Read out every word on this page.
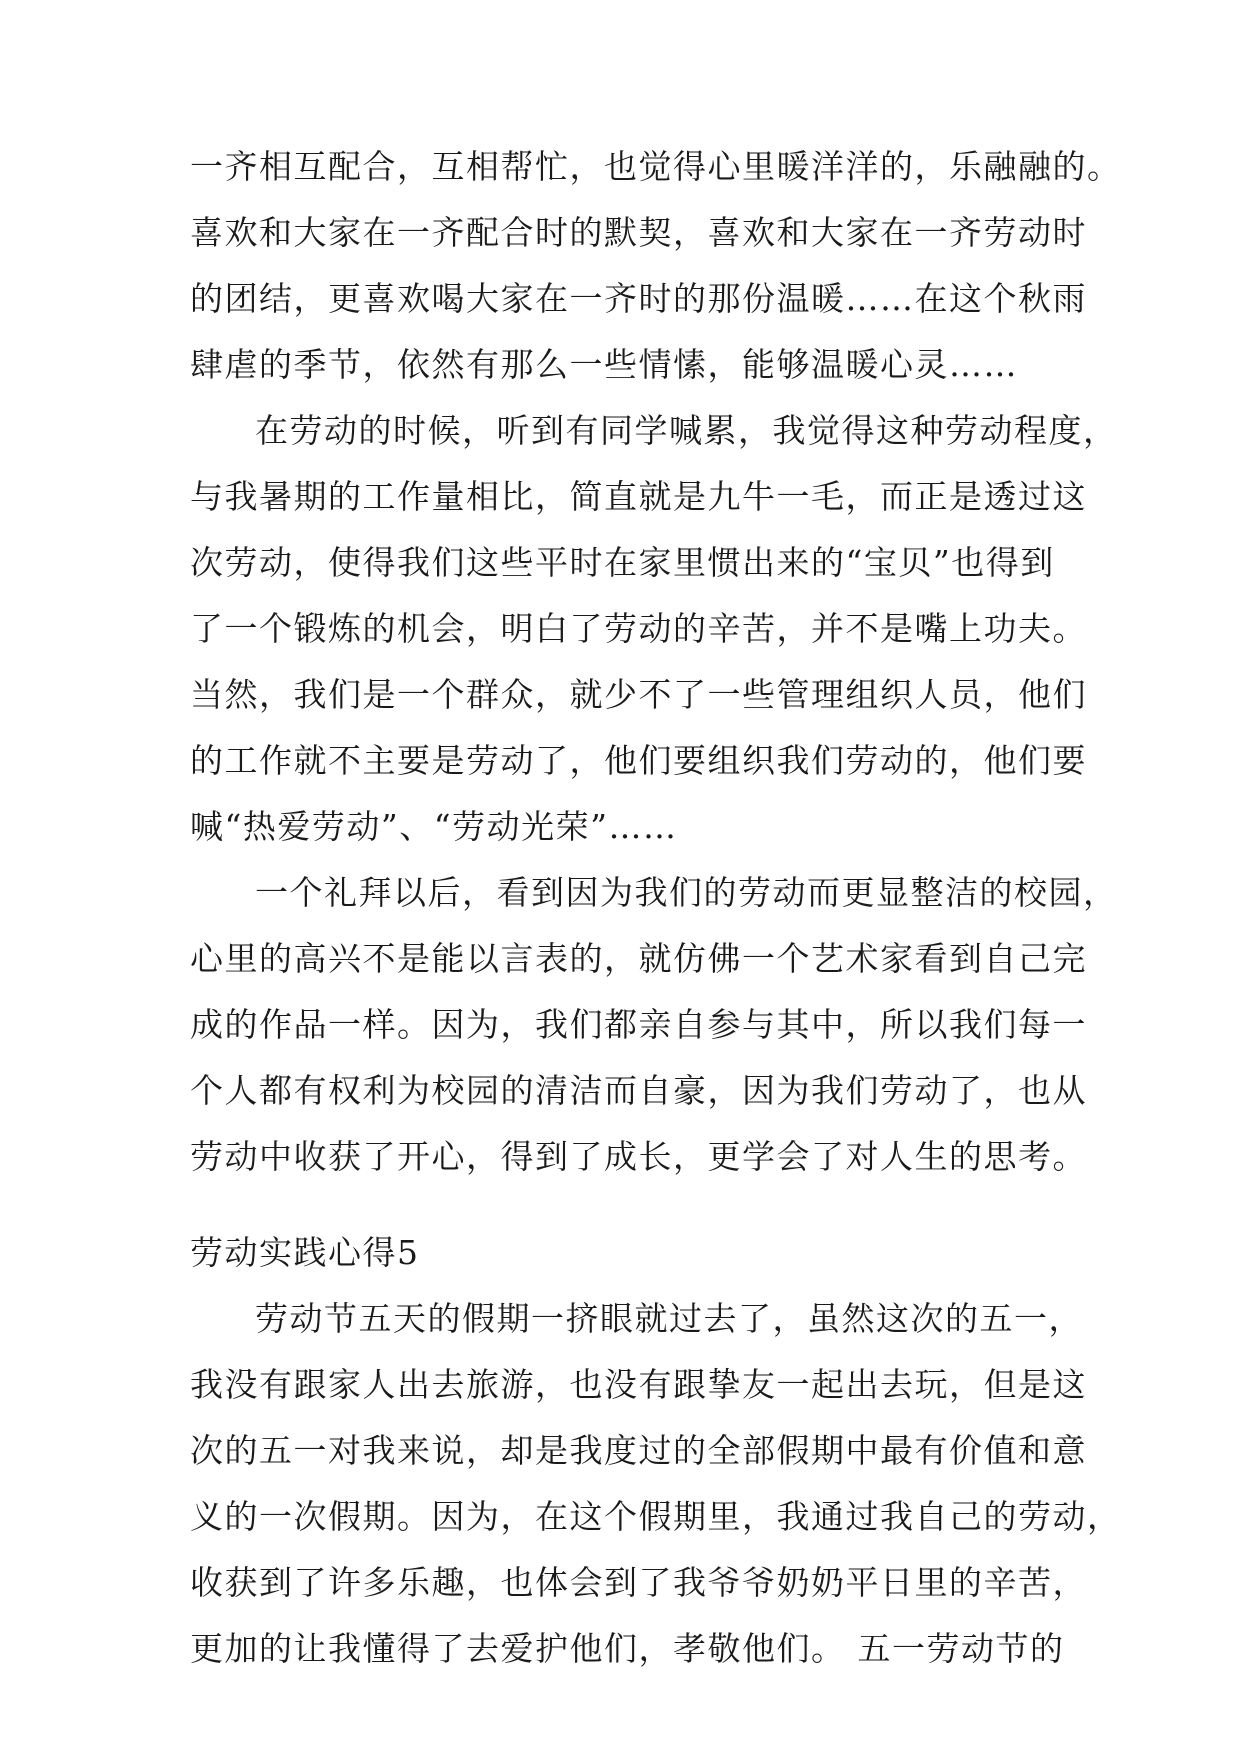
一齐相互配合，互相帮忙，也觉得心里暖洋洋的，乐融融的。
喜欢和大家在一齐配合时的默契，喜欢和大家在一齐劳动时
的团结，更喜欢喝大家在一齐时的那份温暖……在这个秋雨
肆虐的季节，依然有那么一些情愫，能够温暖心灵……
在劳动的时候，听到有同学喊累，我觉得这种劳动程度，
与我暑期的工作量相比，简直就是九牛一毛，而正是透过这
次劳动，使得我们这些平时在家里惯出来的“宝贝”也得到
了一个锻炼的机会，明白了劳动的辛苦，并不是嘴上功夫。
当然，我们是一个群众，就少不了一些管理组织人员，他们
的工作就不主要是劳动了，他们要组织我们劳动的，他们要
喊“热爱劳动”、“劳动光荣”……
一个礼拜以后，看到因为我们的劳动而更显整洁的校园，
心里的高兴不是能以言表的，就仿佛一个艺术家看到自己完
成的作品一样。因为，我们都亲自参与其中，所以我们每一
个人都有权利为校园的清洁而自豪，因为我们劳动了，也从
劳动中收获了开心，得到了成长，更学会了对人生的思考。
劳动实践心得5
劳动节五天的假期一挤眼就过去了，虽然这次的五一，
我没有跟家人出去旅游，也没有跟挚友一起出去玩，但是这
次的五一对我来说，却是我度过的全部假期中最有价值和意
义的一次假期。因为，在这个假期里，我通过我自己的劳动，
收获到了许多乐趣，也体会到了我爷爷奶奶平日里的辛苦，
更加的让我懂得了去爱护他们，孝敬他们。 五一劳动节的
